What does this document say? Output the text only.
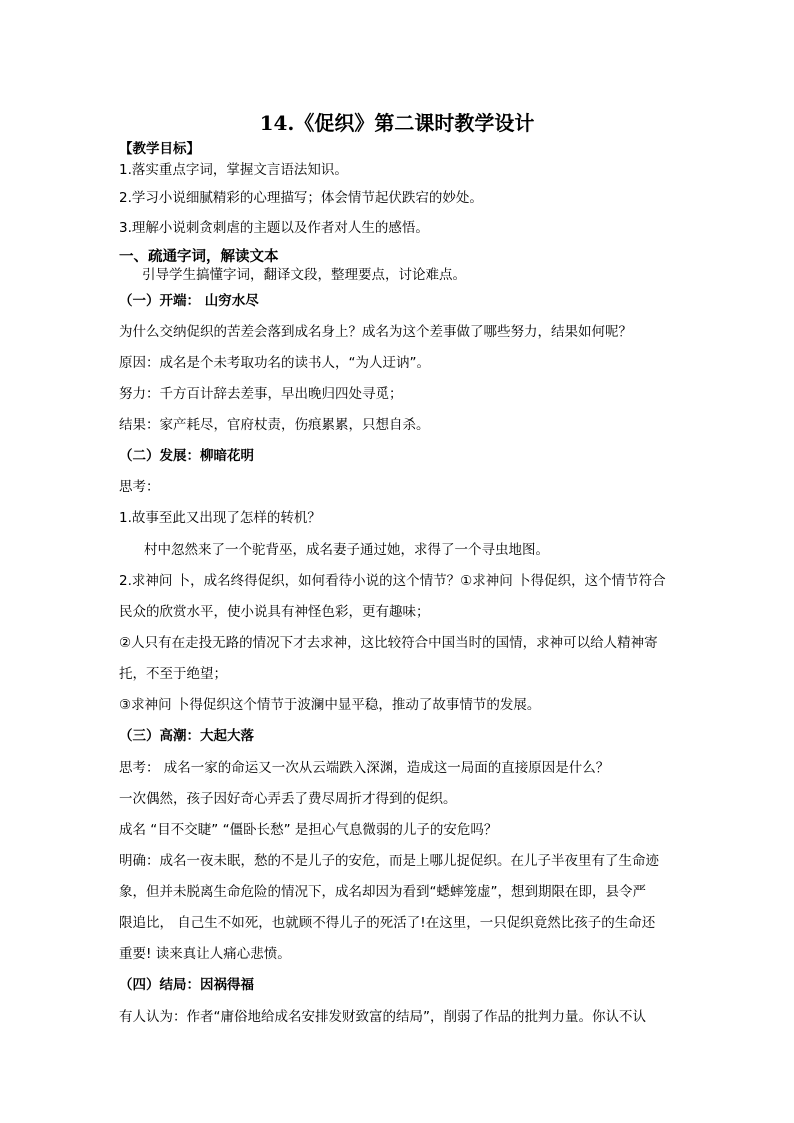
14.《促织》第二课时教学设计
【教学目标】
1.落实重点字词，掌握文言语法知识。
2.学习小说细腻精彩的心理描写；体会情节起伏跌宕的妙处。
3.理解小说刺贪刺虐的主题以及作者对人生的感悟。
一、疏通字词，解读文本
引导学生搞懂字词，翻译文段，整理要点，讨论难点。
（一）开端： 山穷水尽
为什么交纳促织的苦差会落到成名身上？成名为这个差事做了哪些努力，结果如何呢？
原因：成名是个未考取功名的读书人，“为人迂讷”。
努力：千方百计辞去差事，早出晚归四处寻觅；
结果：家产耗尽，官府杖责，伤痕累累，只想自杀。
（二）发展：柳暗花明
思考：
1.故事至此又出现了怎样的转机？
村中忽然来了一个驼背巫，成名妻子通过她，求得了一个寻虫地图。
2.求神问 卜，成名终得促织，如何看待小说的这个情节？①求神问 卜得促织，这个情节符合
民众的欣赏水平，使小说具有神怪色彩，更有趣味；
②人只有在走投无路的情况下才去求神，这比较符合中国当时的国情，求神可以给人精神寄
托，不至于绝望；
③求神问 卜得促织这个情节于波澜中显平稳，推动了故事情节的发展。
（三）高潮：大起大落
思考： 成名一家的命运又一次从云端跌入深渊，造成这一局面的直接原因是什么？
一次偶然，孩子因好奇心弄丢了费尽周折才得到的促织。
成名 “目不交睫” “僵卧长愁” 是担心气息微弱的儿子的安危吗？
明确：成名一夜未眠，愁的不是儿子的安危，而是上哪儿捉促织。在儿子半夜里有了生命迹
象，但并未脱离生命危险的情况下，成名却因为看到“蟋蟀笼虚”，想到期限在即，县令严
限追比， 自己生不如死，也就顾不得儿子的死活了!在这里，一只促织竟然比孩子的生命还
重要! 读来真让人痛心悲愤。
（四）结局：因祸得福
有人认为：作者“庸俗地给成名安排发财致富的结局”，削弱了作品的批判力量。你认不认
